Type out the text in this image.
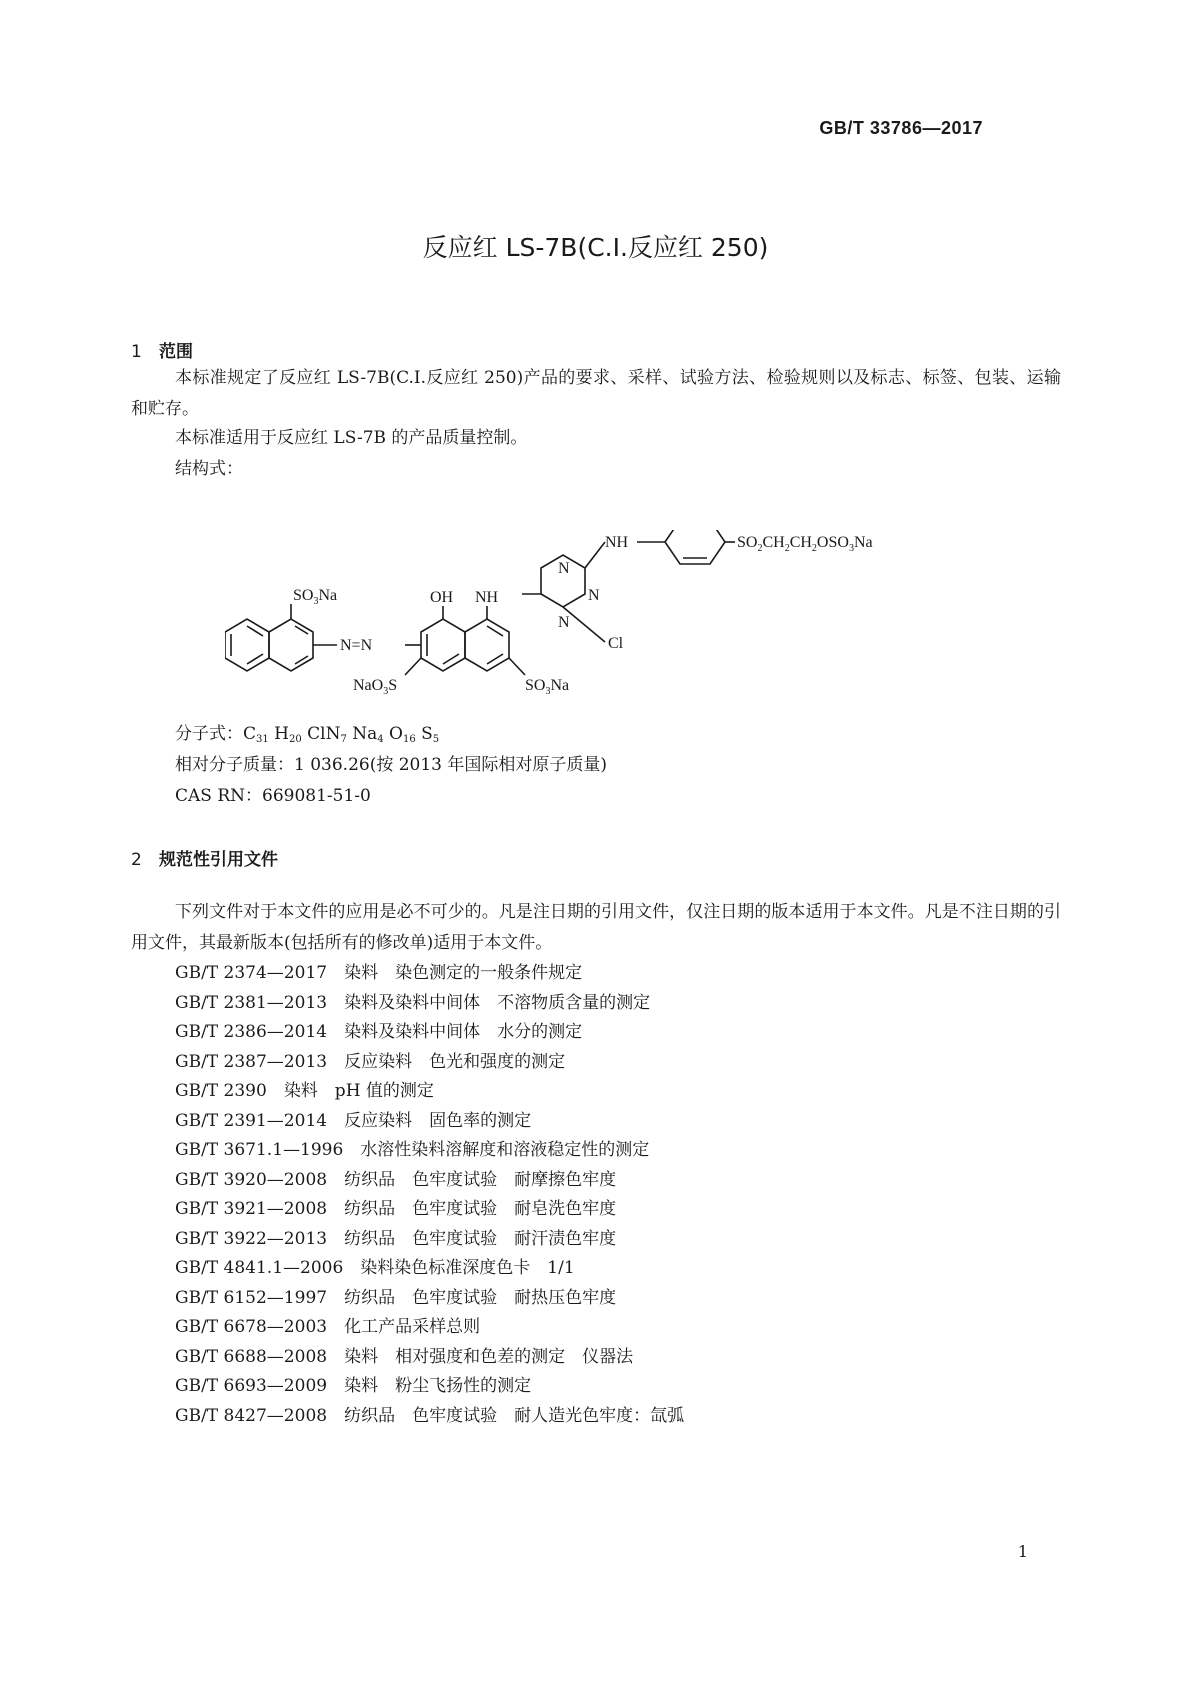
GB/T 33786—2017
反应红 LS-7B(C.I.反应红 250)
1 范围
本标准规定了反应红 LS-7B(C.I.反应红 250)产品的要求、采样、试验方法、检验规则以及标志、标签、包装、运输和贮存。
本标准适用于反应红 LS-7B 的产品质量控制。
结构式：
$SO_3Na$
N=N
OH NH
NH
N
N
N
Cl
$SO_2CH_2CH_2OSO_3Na$
NaO$_3$S	$SO_3Na$
分子式：$C_{31}$ $H_{20}$ ClN$_7$ $Na_4$ $O_{16}$ $S_5$
相对分子质量：1 036.26(按 2013 年国际相对原子质量)
CAS RN：669081-51-0
2 规范性引用文件
下列文件对于本文件的应用是必不可少的。凡是注日期的引用文件，仅注日期的版本适用于本文件。凡是不注日期的引用文件，其最新版本(包括所有的修改单)适用于本文件。
GB/T 2374—2017　 染料　染色测定的一般条件规定
GB/T 2381—2013　 染料及染料中间体　不溶物质含量的测定
GB/T 2386—2014　 染料及染料中间体　水分的测定
GB/T 2387—2013　 反应染料　色光和强度的测定
GB/T 2390　 染料　pH 值的测定
GB/T 2391—2014　 反应染料　固色率的测定
GB/T 3671.1—1996　 水溶性染料溶解度和溶液稳定性的测定
GB/T 3920—2008　 纺织品　色牢度试验　耐摩擦色牢度
GB/T 3921—2008　 纺织品　色牢度试验　耐皂洗色牢度
GB/T 3922—2013　 纺织品　色牢度试验　耐汗渍色牢度
GB/T 4841.1—2006　 染料染色标准深度色卡　1/1
GB/T 6152—1997　 纺织品　色牢度试验　耐热压色牢度
GB/T 6678—2003　 化工产品采样总则
GB/T 6688—2008　 染料　相对强度和色差的测定　仪器法
GB/T 6693—2009　 染料　粉尘飞扬性的测定
GB/T 8427—2008　 纺织品　色牢度试验　耐人造光色牢度：氙弧
1
